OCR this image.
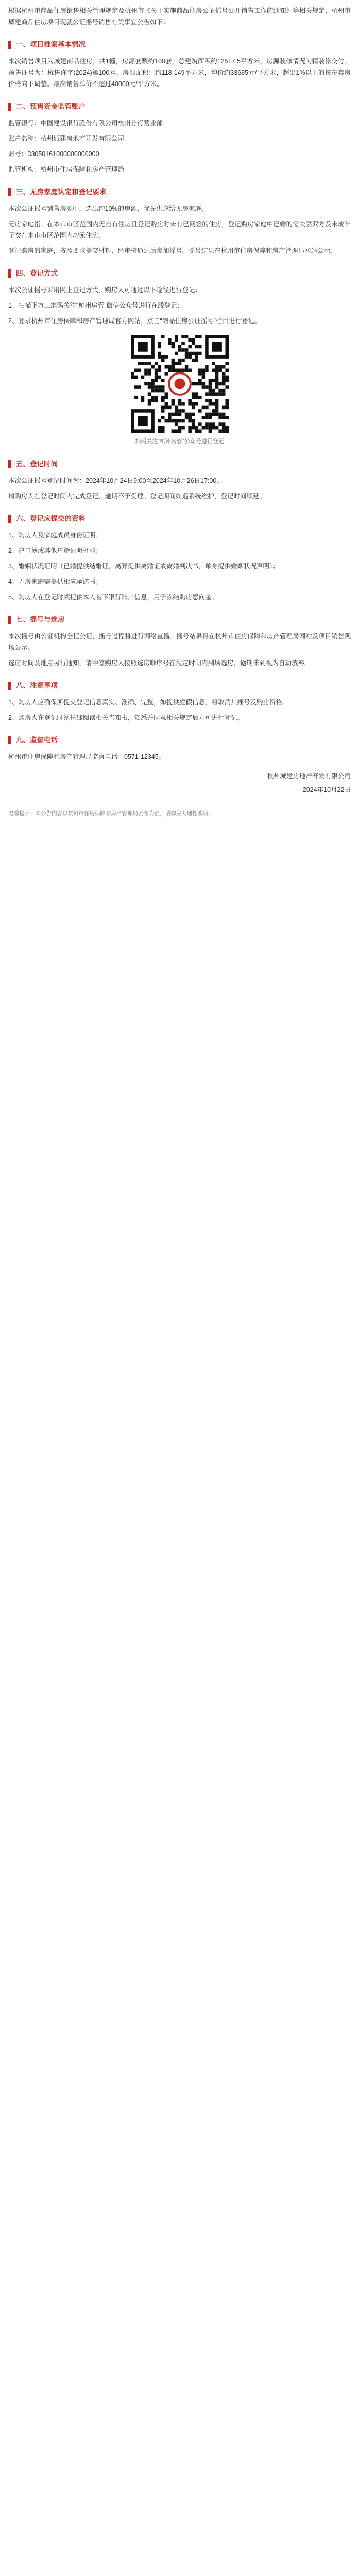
根据杭州市商品住房销售相关管理规定及杭州市《关于实施商品住房公证摇号公开销售工作的通知》等相关规定，杭州市城建商品住房项目现就公证摇号销售有关事宜公告如下：

一、项目推案基本情况

本次销售项目为城建商品住房，共1幢，房源套数约100套，总建筑面积约12517.5平方米，房源装修情况为精装修交付。预售证号为：杭售许字(2024)第100号。房源面积：约118-149平方米，均价约33685元/平方米，超出1%以上的按每套房价格向下调整。最高销售单价不超过40000元/平方米。

二、预售资金监管账户

监管银行：中国建设银行股份有限公司杭州分行营业部

账户名称：杭州城建房地产开发有限公司

账号：33050161000000000000

监管机构：杭州市住房保障和房产管理局

三、无房家庭认定和登记要求

本次公证摇号销售房源中，选出约10%的房源，优先供应给无房家庭。

无房家庭指：在本市市区范围内无自有住房且登记购房时未有已网签的住房，登记购房家庭中已婚的需夫妻双方及未成年子女在本市市区范围内均无住房。

登记购房的家庭，按照要求提交材料，经审核通过后参加摇号。摇号结果在杭州市住房保障和房产管理局网站公示。

四、登记方式

本次公证摇号采用网上登记方式，购房人可通过以下途径进行登记：

1、扫描下方二维码关注“杭州房管”微信公众号进行在线登记；

2、登录杭州市住房保障和房产管理局官方网站，点击“商品住房公证摇号”栏目进行登记。

扫码关注“杭州房管”公众号进行登记
五、登记时间

本次公证摇号登记时间为：2024年10月24日9:00至2024年10月26日17:00。

请购房人在登记时间内完成登记，逾期不予受理。登记期间如遇系统维护，登记时间顺延。

六、登记应提交的资料

1、购房人及家庭成员身份证明；

2、户口簿或其他户籍证明材料；

3、婚姻状况证明（已婚提供结婚证，离异提供离婚证或离婚判决书，单身提供婚姻状况声明）；

4、无房家庭需提供相应承诺书；

5、购房人在登记时须提供本人名下银行账户信息，用于冻结购房意向金。

七、摇号与选房

本次摇号由公证机构全程公证，摇号过程将进行网络直播。摇号结果将在杭州市住房保障和房产管理局网站及项目销售现场公示。

选房时间及地点另行通知，请中签购房人按照选房顺序号在规定时间内到场选房，逾期未到视为自动放弃。

八、注意事项

1、购房人应确保所提交登记信息真实、准确、完整，如提供虚假信息，将取消其摇号及购房资格。

2、购房人在登记时须仔细阅读相关告知书，知悉并同意相关规定后方可进行登记。

九、监督电话

杭州市住房保障和房产管理局监督电话：0571-12345。

杭州城建房地产开发有限公司

2024年10月22日

温馨提示：本公告内容以杭州市住房保障和房产管理局公布为准，请购房人理性购房。
